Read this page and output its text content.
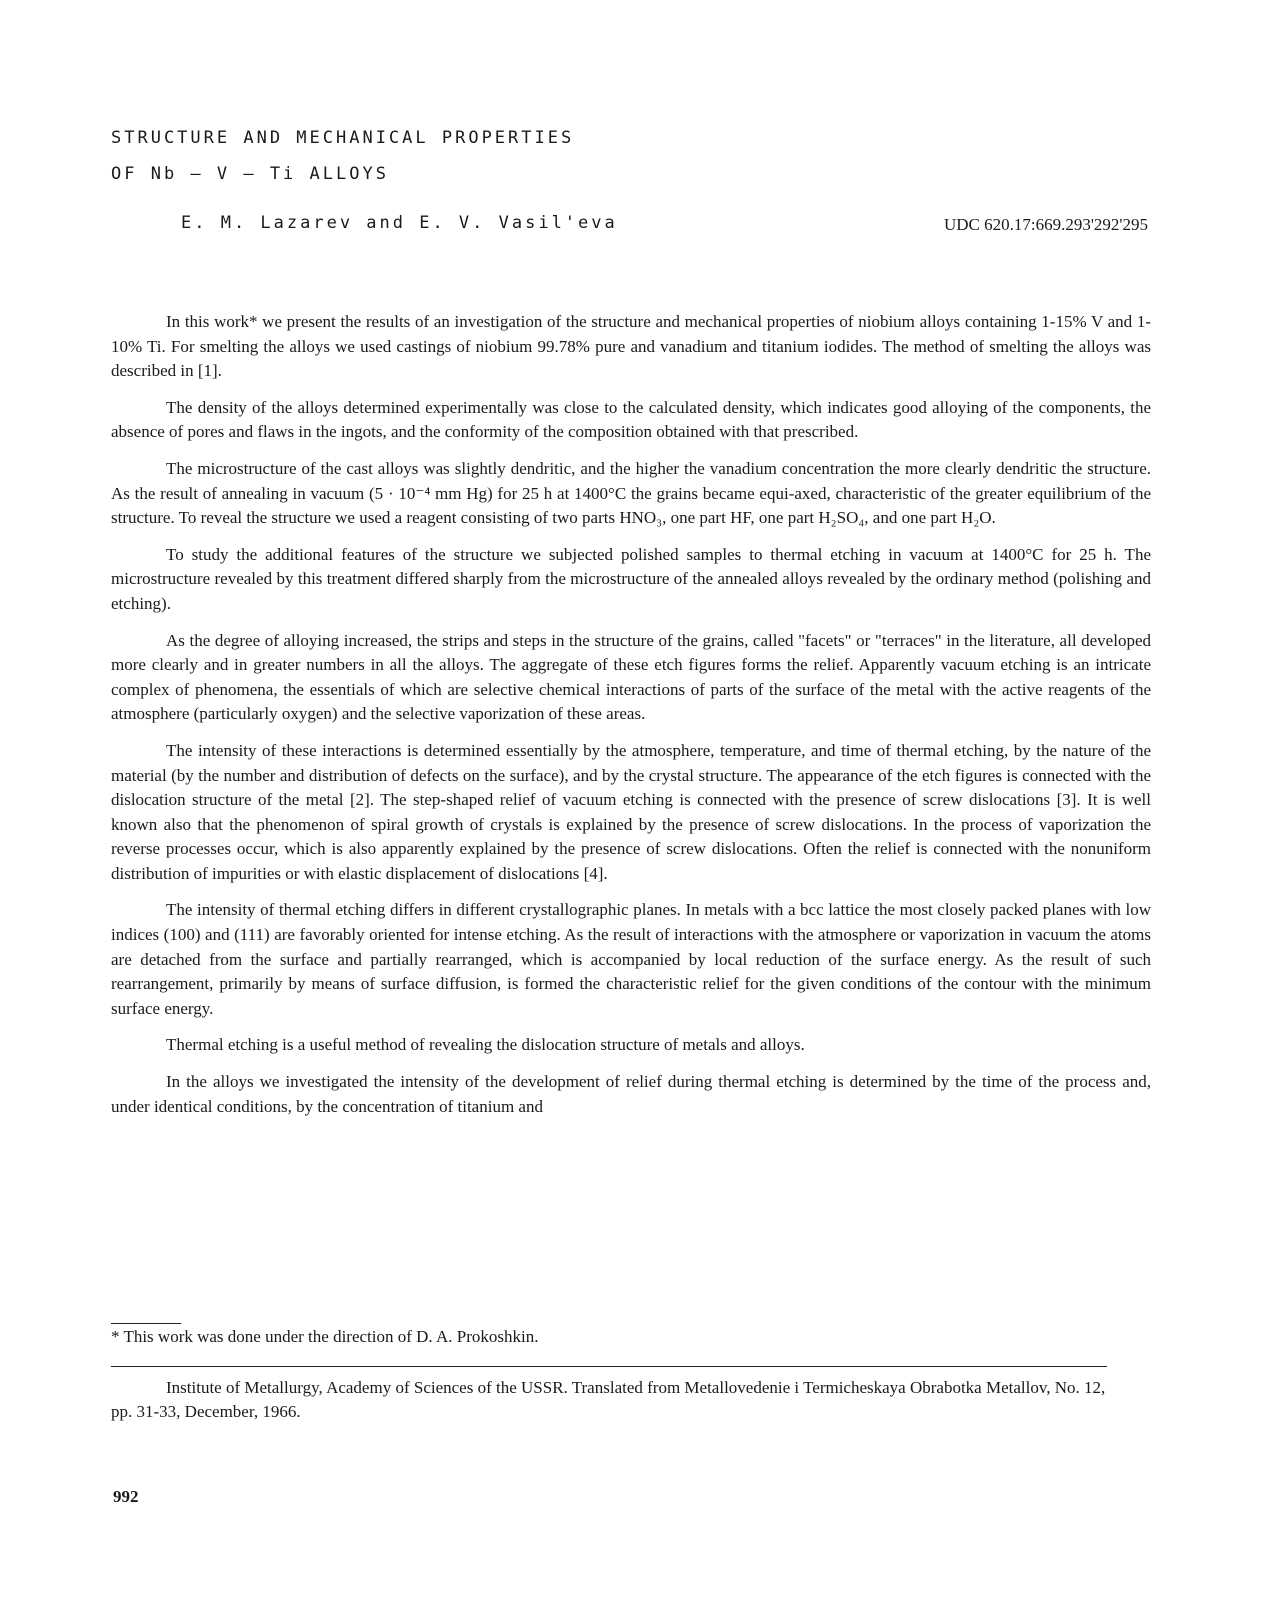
STRUCTURE AND MECHANICAL PROPERTIES
OF Nb – V – Ti ALLOYS
E. M. Lazarev and E. V. Vasil'eva	UDC 620.17:669.293'292'295

In this work* we present the results of an investigation of the structure and mechanical properties of niobium alloys containing 1-15% V and 1-10% Ti. For smelting the alloys we used castings of niobium 99.78% pure and vanadium and titanium iodides. The method of smelting the alloys was described in [1].

The density of the alloys determined experimentally was close to the calculated density, which indicates good alloying of the components, the absence of pores and flaws in the ingots, and the conformity of the composition obtained with that prescribed.

The microstructure of the cast alloys was slightly dendritic, and the higher the vanadium concentration the more clearly dendritic the structure. As the result of annealing in vacuum (5 · 10⁻⁴ mm Hg) for 25 h at 1400°C the grains became equi-axed, characteristic of the greater equilibrium of the structure. To reveal the structure we used a reagent consisting of two parts HNO₃, one part HF, one part H₂SO₄, and one part H₂O.

To study the additional features of the structure we subjected polished samples to thermal etching in vacuum at 1400°C for 25 h. The microstructure revealed by this treatment differed sharply from the microstructure of the annealed alloys revealed by the ordinary method (polishing and etching).

As the degree of alloying increased, the strips and steps in the structure of the grains, called "facets" or "terraces" in the literature, all developed more clearly and in greater numbers in all the alloys. The aggregate of these etch figures forms the relief. Apparently vacuum etching is an intricate complex of phenomena, the essentials of which are selective chemical interactions of parts of the surface of the metal with the active reagents of the atmosphere (particularly oxygen) and the selective vaporization of these areas.

The intensity of these interactions is determined essentially by the atmosphere, temperature, and time of thermal etching, by the nature of the material (by the number and distribution of defects on the surface), and by the crystal structure. The appearance of the etch figures is connected with the dislocation structure of the metal [2]. The step-shaped relief of vacuum etching is connected with the presence of screw dislocations [3]. It is well known also that the phenomenon of spiral growth of crystals is explained by the presence of screw dislocations. In the process of vaporization the reverse processes occur, which is also apparently explained by the presence of screw dislocations. Often the relief is connected with the nonuniform distribution of impurities or with elastic displacement of dislocations [4].

The intensity of thermal etching differs in different crystallographic planes. In metals with a bcc lattice the most closely packed planes with low indices (100) and (111) are favorably oriented for intense etching. As the result of interactions with the atmosphere or vaporization in vacuum the atoms are detached from the surface and partially rearranged, which is accompanied by local reduction of the surface energy. As the result of such rearrangement, primarily by means of surface diffusion, is formed the characteristic relief for the given conditions of the contour with the minimum surface energy.

Thermal etching is a useful method of revealing the dislocation structure of metals and alloys.

In the alloys we investigated the intensity of the development of relief during thermal etching is determined by the time of the process and, under identical conditions, by the concentration of titanium and

* This work was done under the direction of D. A. Prokoshkin.
Institute of Metallurgy, Academy of Sciences of the USSR. Translated from Metallovedenie i Termicheskaya Obrabotka Metallov, No. 12, pp. 31-33, December, 1966.
992
